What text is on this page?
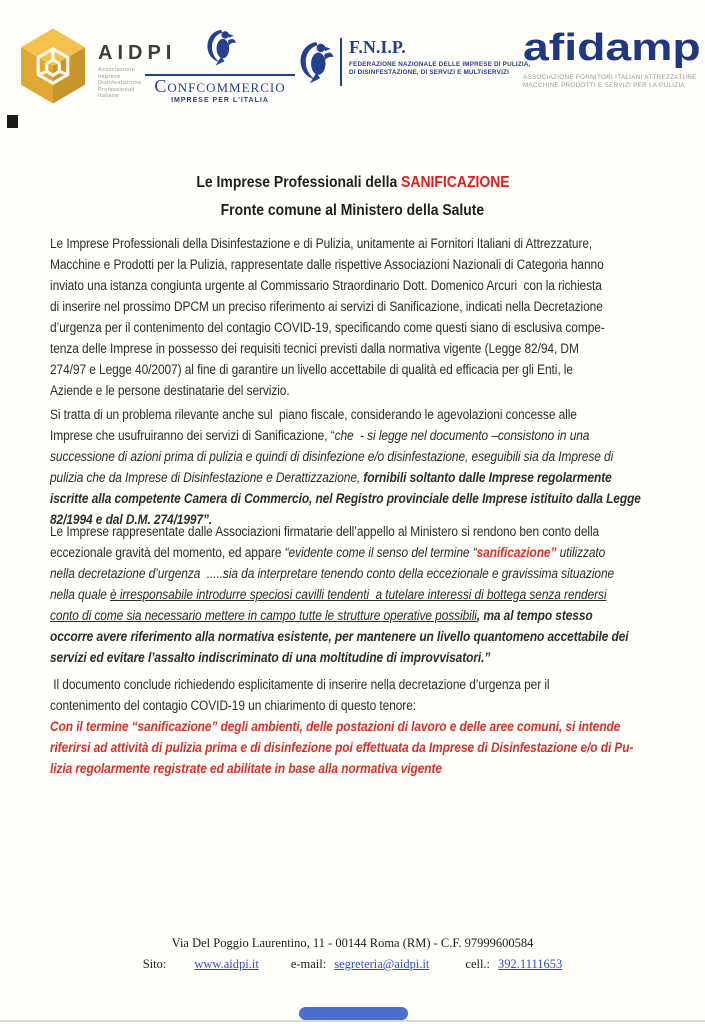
AIDPI
Associazione
Imprese
Disinfestazione
Professionali
Italiane	Confcommercio
IMPRESE PER L'ITALIA
F.N.I.P.
FEDERAZIONE NAZIONALE DELLE IMPRESE DI PULIZIA,
DI DISINFESTAZIONE, DI SERVIZI E MULTISERVIZI
afidamp
ASSOCIAZIONE FORNITORI ITALIANI ATTREZZATURE
MACCHINE PRODOTTI E SERVIZI PER LA PULIZIA
Le Imprese Professionali della SANIFICAZIONE
Fronte comune al Ministero della Salute
Le Imprese Professionali della Disinfestazione e di Pulizia, unitamente ai Fornitori Italiani di Attrezzature,
Macchine e Prodotti per la Pulizia, rappresentate dalle rispettive Associazioni Nazionali di Categoria hanno
inviato una istanza congiunta urgente al Commissario Straordinario Dott. Domenico Arcuri  con la richiesta
di inserire nel prossimo DPCM un preciso riferimento ai servizi di Sanificazione, indicati nella Decretazione
d’urgenza per il contenimento del contagio COVID-19, specificando come questi siano di esclusiva compe-
tenza delle Imprese in possesso dei requisiti tecnici previsti dalla normativa vigente (Legge 82/94, DM
274/97 e Legge 40/2007) al fine di garantire un livello accettabile di qualità ed efficacia per gli Enti, le
Aziende e le persone destinatarie del servizio.
Si tratta di un problema rilevante anche sul  piano fiscale, considerando le agevolazioni concesse alle
Imprese che usufruiranno dei servizi di Sanificazione, “che  - si legge nel documento –consistono in una
successione di azioni prima di pulizia e quindi di disinfezione e/o disinfestazione, eseguibili sia da Imprese di
pulizia che da Imprese di Disinfestazione e Derattizzazione, fornibili soltanto dalle Imprese regolarmente
iscritte alla competente Camera di Commercio, nel Registro provinciale delle Imprese istituito dalla Legge
82/1994 e dal D.M. 274/1997”.
Le Imprese rappresentate dalle Associazioni firmatarie dell’appello al Ministero si rendono ben conto della
eccezionale gravità del momento, ed appare “evidente come il senso del termine “sanificazione” utilizzato
nella decretazione d’urgenza  .....sia da interpretare tenendo conto della eccezionale e gravissima situazione
nella quale è irresponsabile introdurre speciosi cavilli tendenti  a tutelare interessi di bottega senza rendersi
conto di come sia necessario mettere in campo tutte le strutture operative possibili, ma al tempo stesso
occorre avere riferimento alla normativa esistente, per mantenere un livello quantomeno accettabile dei
servizi ed evitare l’assalto indiscriminato di una moltitudine di improvvisatori.”
Il documento conclude richiedendo esplicitamente di inserire nella decretazione d’urgenza per il
contenimento del contagio COVID-19 un chiarimento di questo tenore:
Con il termine “sanificazione” degli ambienti, delle postazioni di lavoro e delle aree comuni, si intende
riferirsi ad attività di pulizia prima e di disinfezione poi effettuata da Imprese di Disinfestazione e/o di Pu-
lizia regolarmente registrate ed abilitate in base alla normativa vigente
Via Del Poggio Laurentino, 11 - 00144 Roma (RM) - C.F. 97999600584
Sito: www.aidpi.it	e-mail: segreteria@aidpi.it	cell.: 392.1111653
